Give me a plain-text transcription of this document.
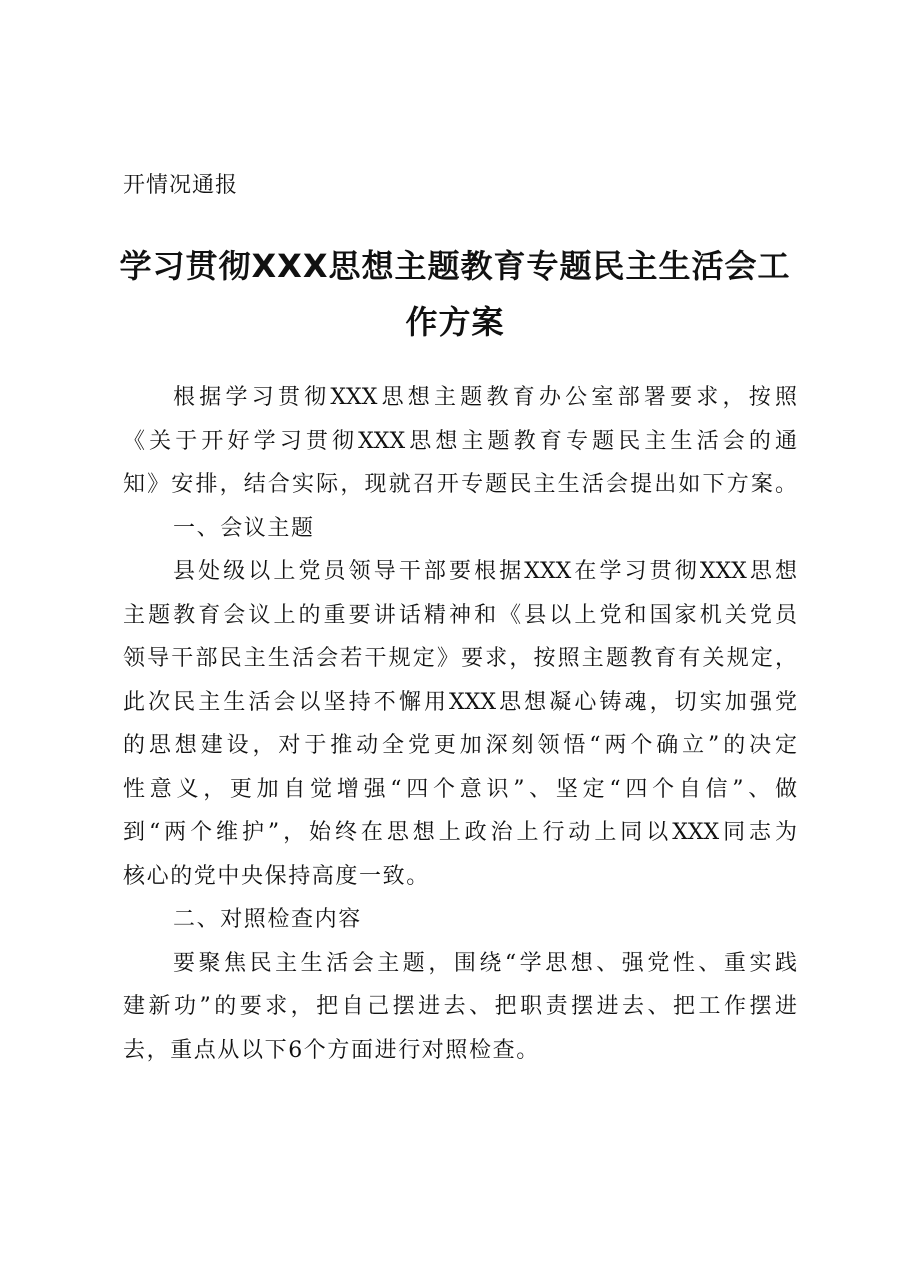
开情况通报
学习贯彻XXX思想主题教育专题民主生活会工
作方案
根据学习贯彻XXX思想主题教育办公室部署要求，按照
《关于开好学习贯彻XXX思想主题教育专题民主生活会的通
知》安排，结合实际，现就召开专题民主生活会提出如下方案。
一、会议主题
县处级以上党员领导干部要根据XXX在学习贯彻XXX思想
主题教育会议上的重要讲话精神和《县以上党和国家机关党员
领导干部民主生活会若干规定》要求，按照主题教育有关规定，
此次民主生活会以坚持不懈用XXX思想凝心铸魂，切实加强党
的思想建设，对于推动全党更加深刻领悟“两个确立”的决定
性意义，更加自觉增强“四个意识”、坚定“四个自信”、做
到“两个维护”，始终在思想上政治上行动上同以XXX同志为
核心的党中央保持高度一致。
二、对照检查内容
要聚焦民主生活会主题，围绕“学思想、强党性、重实践
建新功”的要求，把自己摆进去、把职责摆进去、把工作摆进
去，重点从以下6个方面进行对照检查。
